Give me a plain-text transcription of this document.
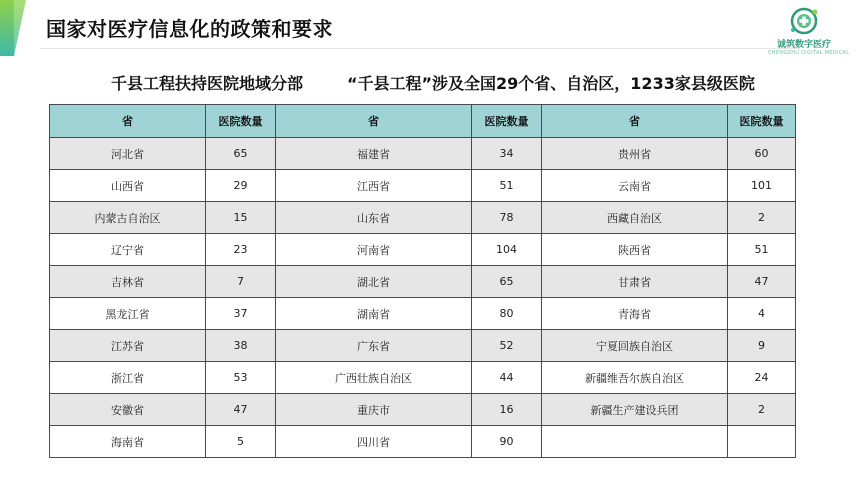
国家对医疗信息化的政策和要求
诚筑数字医疗
CHENGZHU DIGITAL MEDICAL
千县工程扶持医院地域分部	“千县工程”涉及全国29个省、自治区，1233家县级医院
省	医院数量	省	医院数量	省	医院数量
河北省	65	福建省	34	贵州省	60
山西省	29	江西省	51	云南省	101
内蒙古自治区	15	山东省	78	西藏自治区	2
辽宁省	23	河南省	104	陕西省	51
吉林省	7	湖北省	65	甘肃省	47
黑龙江省	37	湖南省	80	青海省	4
江苏省	38	广东省	52	宁夏回族自治区	9
浙江省	53	广西壮族自治区	44	新疆维吾尔族自治区	24
安徽省	47	重庆市	16	新疆生产建设兵团	2
海南省	5	四川省	90		
